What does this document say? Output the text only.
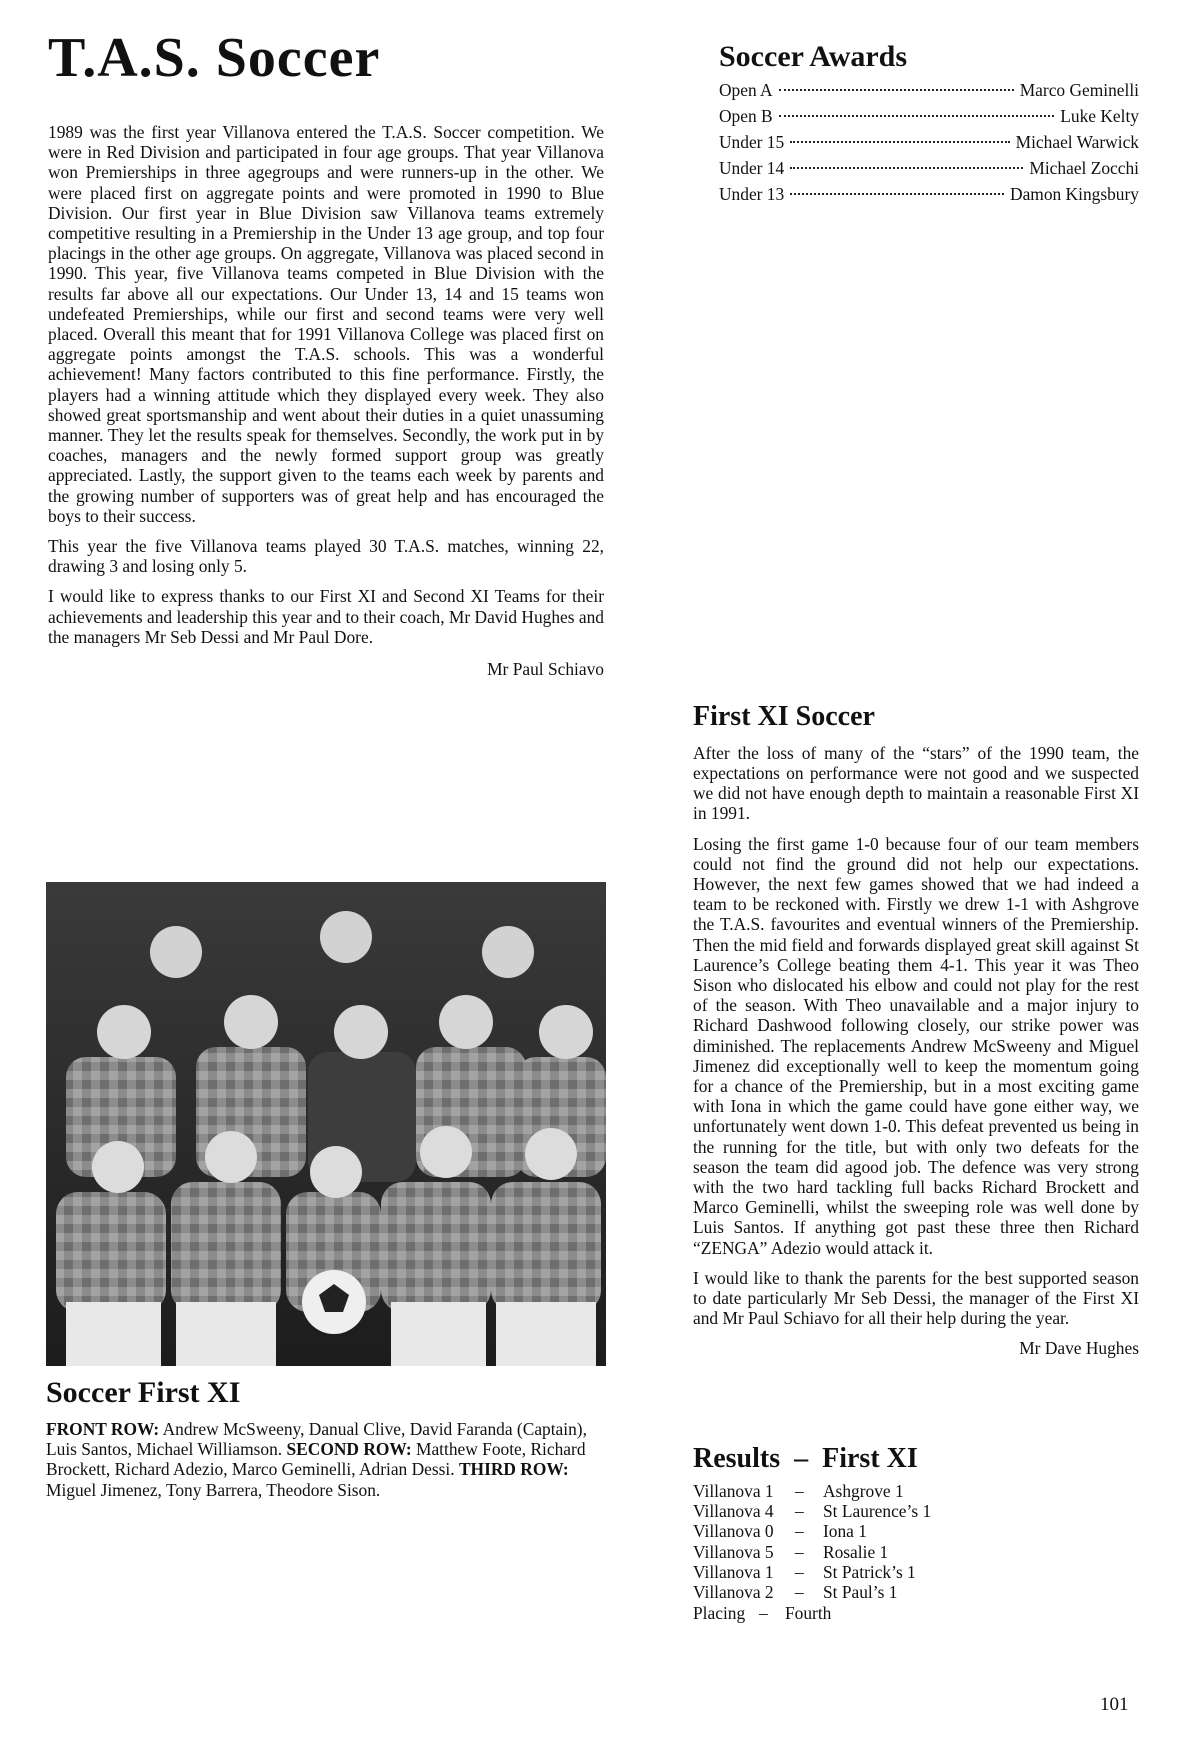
T.A.S. Soccer

1989 was the first year Villanova entered the T.A.S. Soccer competition. We were in Red Division and participated in four age groups. That year Villanova won Premierships in three agegroups and were runners-up in the other. We were placed first on aggregate points and were promoted in 1990 to Blue Division. Our first year in Blue Division saw Villanova teams extremely competitive resulting in a Premiership in the Under 13 age group, and top four placings in the other age groups. On aggregate, Villanova was placed second in 1990. This year, five Villanova teams competed in Blue Division with the results far above all our expectations. Our Under 13, 14 and 15 teams won undefeated Premierships, while our first and second teams were very well placed. Overall this meant that for 1991 Villanova College was placed first on aggregate points amongst the T.A.S. schools. This was a wonderful achievement! Many factors contributed to this fine performance. Firstly, the players had a winning attitude which they displayed every week. They also showed great sportsmanship and went about their duties in a quiet unassuming manner. They let the results speak for themselves. Secondly, the work put in by coaches, managers and the newly formed support group was greatly appreciated. Lastly, the support given to the teams each week by parents and the growing number of supporters was of great help and has encouraged the boys to their success.

This year the five Villanova teams played 30 T.A.S. matches, winning 22, drawing 3 and losing only 5.

I would like to express thanks to our First XI and Second XI Teams for their achievements and leadership this year and to their coach, Mr David Hughes and the managers Mr Seb Dessi and Mr Paul Dore.

Mr Paul Schiavo
Soccer First XI

FRONT ROW: Andrew McSweeny, Danual Clive, David Faranda (Captain), Luis Santos, Michael Williamson. SECOND ROW: Matthew Foote, Richard Brockett, Richard Adezio, Marco Geminelli, Adrian Dessi. THIRD ROW: Miguel Jimenez, Tony Barrera, Theodore Sison.

Soccer Awards
Open A	Marco Geminelli
Open B	Luke Kelty
Under 15	Michael Warwick
Under 14	Michael Zocchi
Under 13	Damon Kingsbury
First XI Soccer

After the loss of many of the “stars” of the 1990 team, the expectations on performance were not good and we suspected we did not have enough depth to maintain a reasonable First XI in 1991.

Losing the first game 1-0 because four of our team members could not find the ground did not help our expectations. However, the next few games showed that we had indeed a team to be reckoned with. Firstly we drew 1-1 with Ashgrove the T.A.S. favourites and eventual winners of the Premiership. Then the mid field and forwards displayed great skill against St Laurence’s College beating them 4-1. This year it was Theo Sison who dislocated his elbow and could not play for the rest of the season. With Theo unavailable and a major injury to Richard Dashwood following closely, our strike power was diminished. The replacements Andrew McSweeny and Miguel Jimenez did exceptionally well to keep the momentum going for a chance of the Premiership, but in a most exciting game with Iona in which the game could have gone either way, we unfortunately went down 1-0. This defeat prevented us being in the running for the title, but with only two defeats for the season the team did agood job. The defence was very strong with the two hard tackling full backs Richard Brockett and Marco Geminelli, whilst the sweeping role was well done by Luis Santos. If anything got past these three then Richard “ZENGA” Adezio would attack it.

I would like to thank the parents for the best supported season to date particularly Mr Seb Dessi, the manager of the First XI and Mr Paul Schiavo for all their help during the year.

Mr Dave Hughes
Results – First XI
Villanova 1	–	Ashgrove 1
Villanova 4	–	St Laurence’s 1
Villanova 0	–	Iona 1
Villanova 5	–	Rosalie 1
Villanova 1	–	St Patrick’s 1
Villanova 2	–	St Paul’s 1
Placing – Fourth
101
